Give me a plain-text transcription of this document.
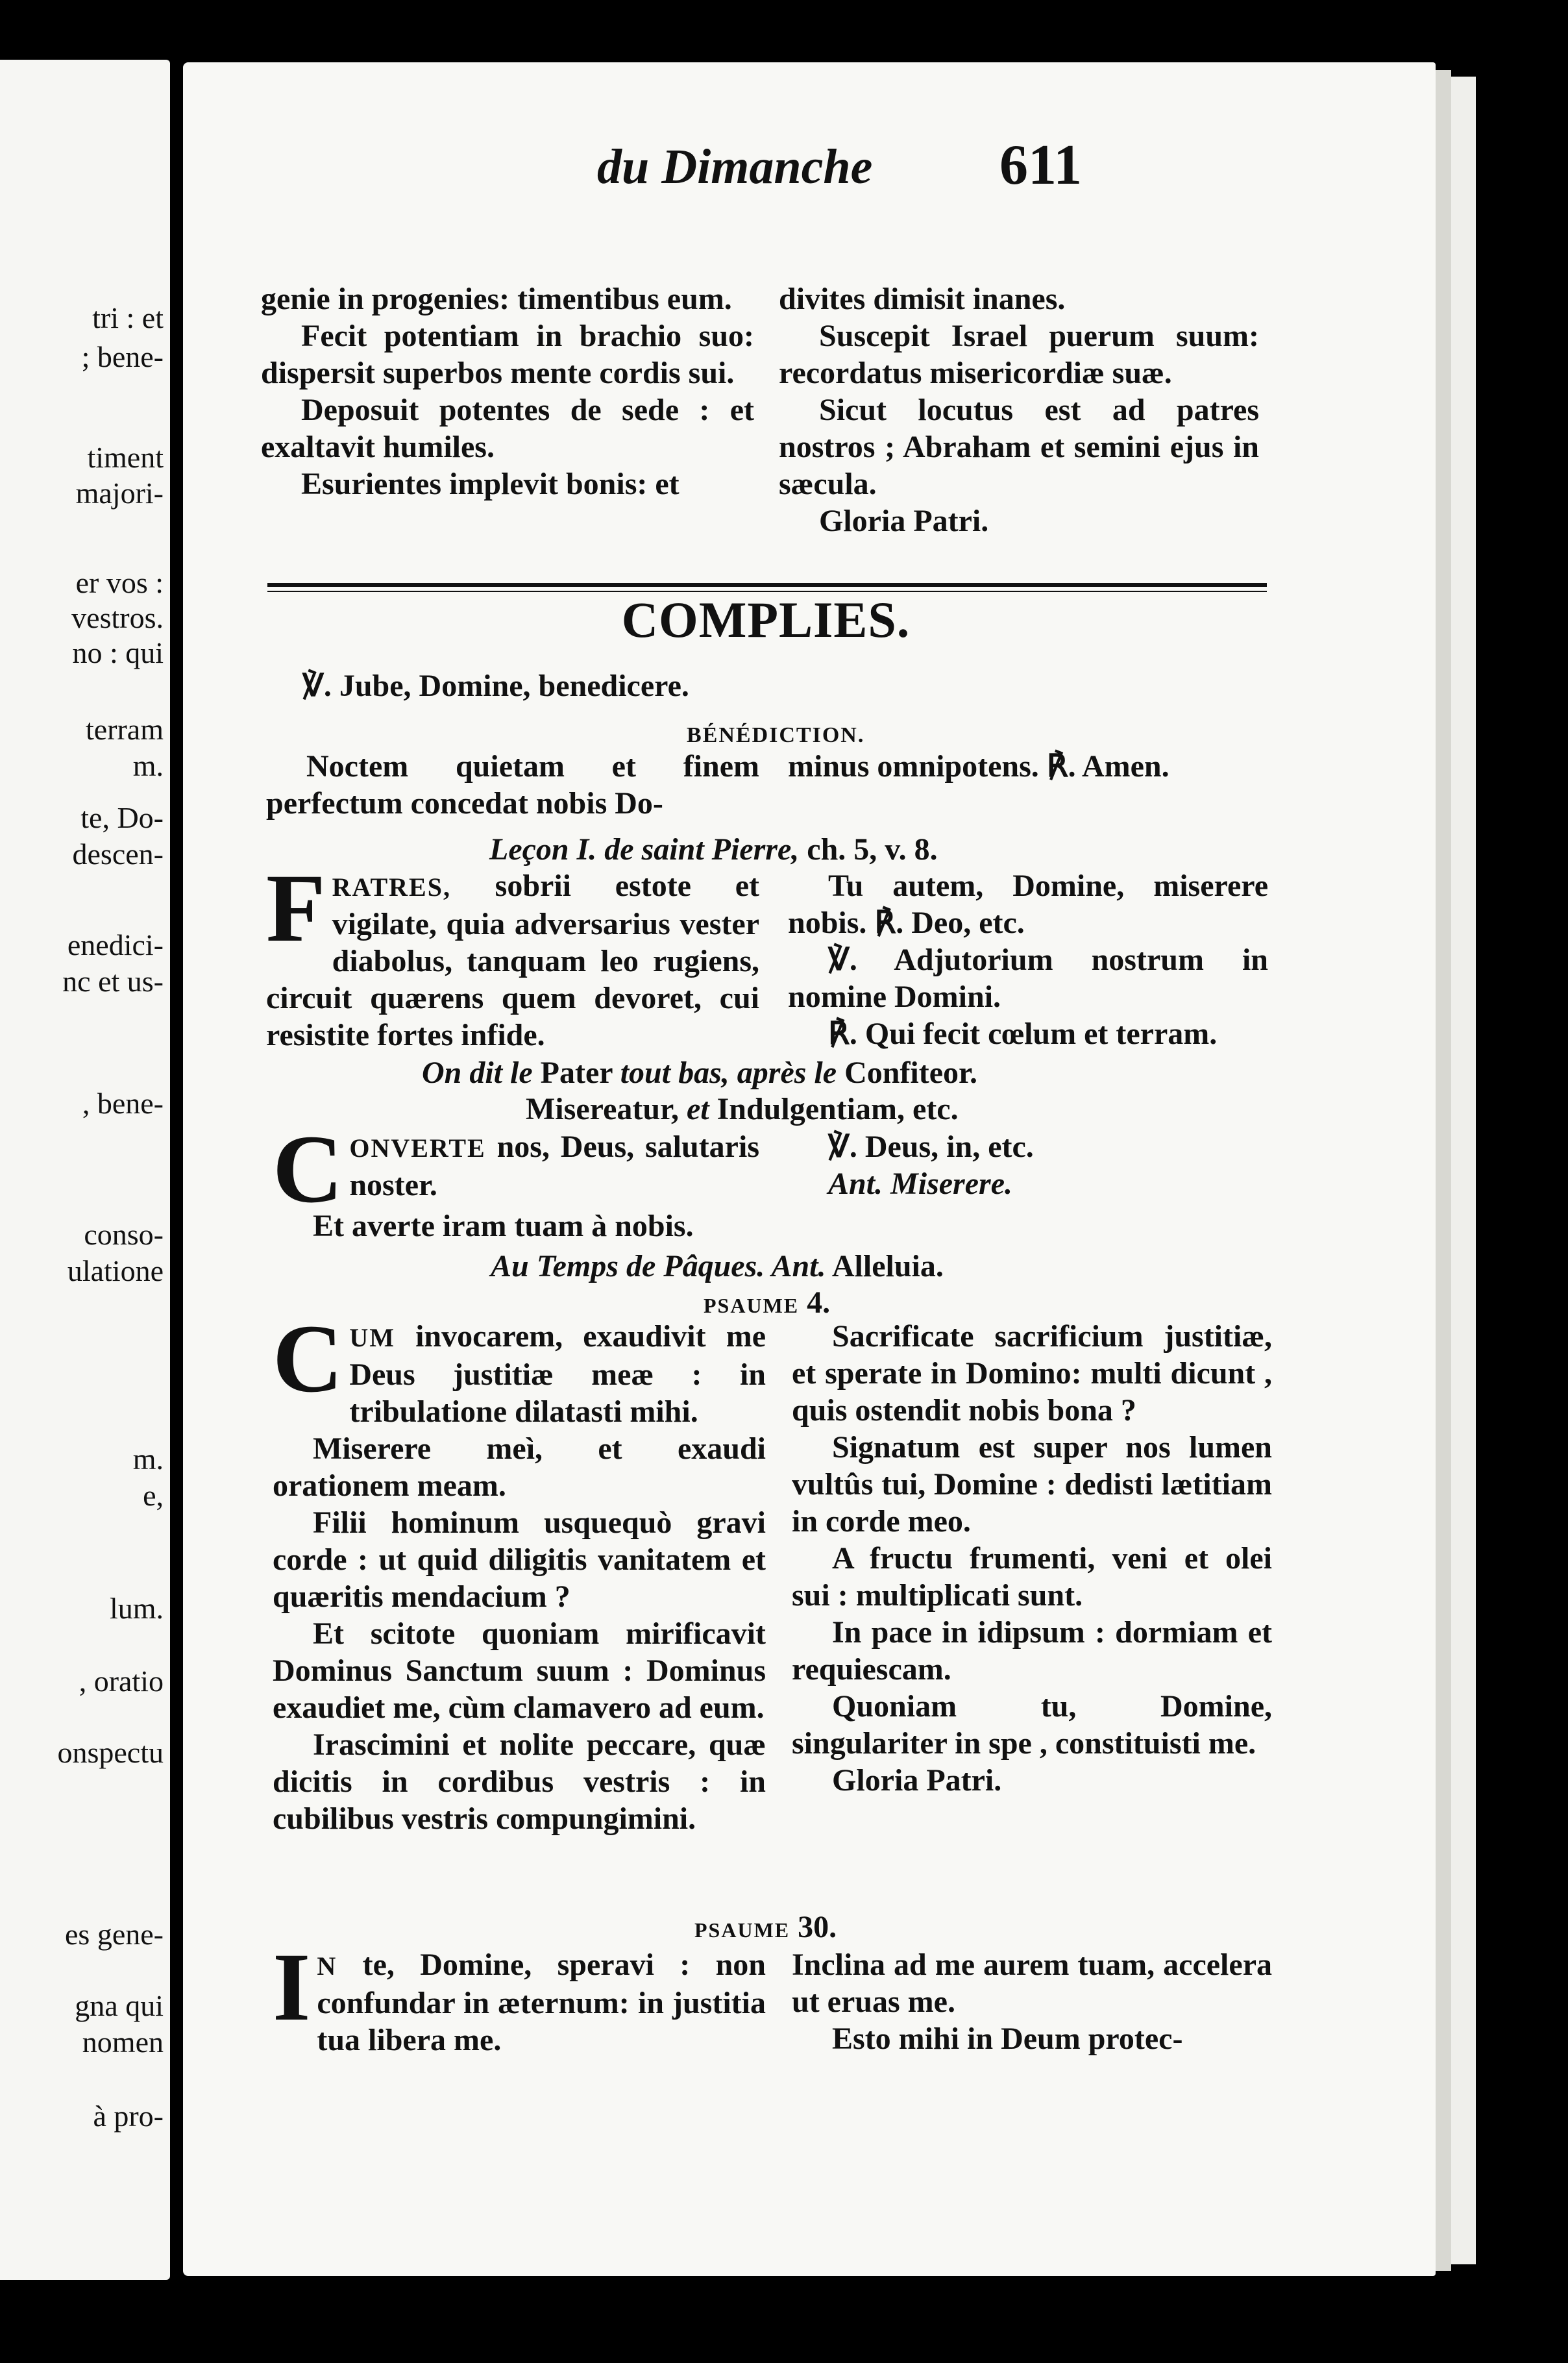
tri : et
; bene-
timent
majori-
er vos :
vestros.
no : qui
terram
m.
te, Do-
descen-
enedici-
nc et us-
, bene-
conso-
ulatione
m.
e,
lum.
, oratio
onspectu
es gene-
gna qui
nomen
à pro-
du Dimanche 611

genie in progenies: timentibus eum.

Fecit potentiam in brachio suo: dispersit superbos mente cordis sui.

Deposuit potentes de sede : et exaltavit humiles.

Esurientes implevit bonis: et

divites dimisit inanes.

Suscepit Israel puerum suum: recordatus misericordiæ suæ.

Sicut locutus est ad patres nostros ; Abraham et semini ejus in sæcula.

Gloria Patri.

COMPLIES.
℣. Jube, Domine, benedicere.
BÉNÉDICTION.

Noctem quietam et finem perfectum concedat nobis Do-

minus omnipotens. ℟. Amen.

Leçon I. de saint Pierre, ch. 5, v. 8.

FRATRES, sobrii estote et vigilate, quia adversarius vester diabolus, tanquam leo rugiens, circuit quærens quem devoret, cui resistite fortes infide.

Tu autem, Domine, miserere nobis. ℟. Deo, etc.

℣. Adjutorium nostrum in nomine Domini.

℟. Qui fecit cœlum et terram.

On dit le Pater tout bas, après le Confiteor.
Misereatur, et Indulgentiam, etc.

CONVERTE nos, Deus, salutaris noster.

Et averte iram tuam à nobis.

℣. Deus, in, etc.

Ant. Miserere.

Au Temps de Pâques. Ant. Alleluia.
PSAUME 4.

CUM invocarem, exaudivit me Deus justitiæ meæ : in tribulatione dilatasti mihi.

Miserere meì, et exaudi orationem meam.

Filii hominum usquequò gravi corde : ut quid diligitis vanitatem et quæritis mendacium ?

Et scitote quoniam mirificavit Dominus Sanctum suum : Dominus exaudiet me, cùm clamavero ad eum.

Irascimini et nolite peccare, quæ dicitis in cordibus vestris : in cubilibus vestris compungimini.

Sacrificate sacrificium justitiæ, et sperate in Domino: multi dicunt , quis ostendit nobis bona ?

Signatum est super nos lumen vultûs tui, Domine : dedisti lætitiam in corde meo.

A fructu frumenti, veni et olei sui : multiplicati sunt.

In pace in idipsum : dormiam et requiescam.

Quoniam tu, Domine, singulariter in spe , constituisti me.

Gloria Patri.

PSAUME 30.

I N te, Domine, speravi : non confundar in æternum: in justitia tua libera me.

Inclina ad me aurem tuam, accelera ut eruas me.

Esto mihi in Deum protec-
